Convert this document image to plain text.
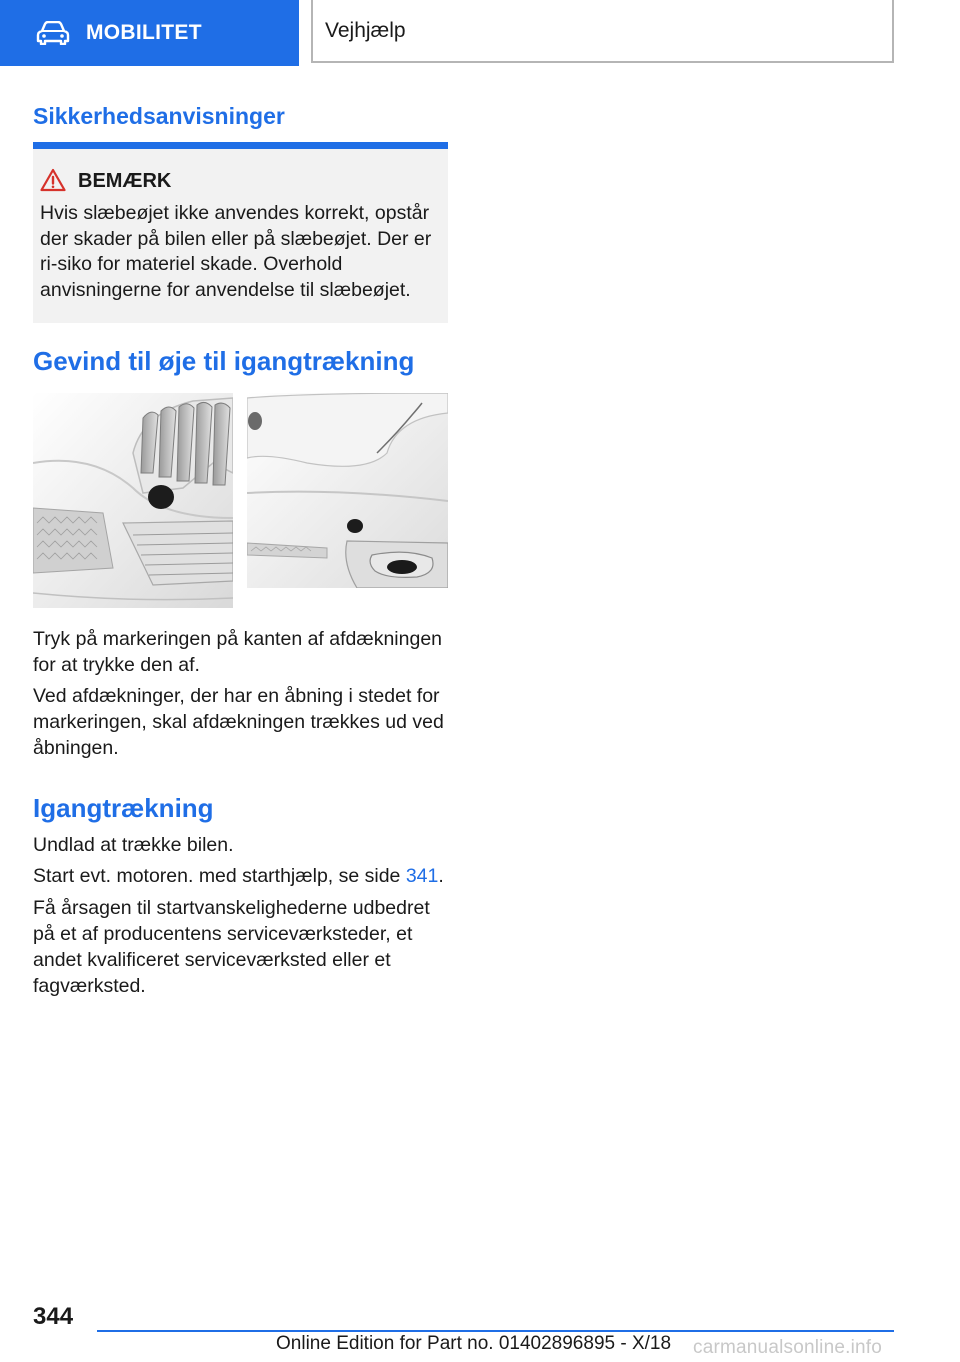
MOBILITET	Vejhjælp
Sikkerhedsanvisninger
BEMÆRK
Hvis slæbeøjet ikke anvendes korrekt, opstår der skader på bilen eller på slæbeøjet. Der er ri-siko for materiel skade. Overhold anvisningerne for anvendelse til slæbeøjet.
Gevind til øje til igangtrækning
Tryk på markeringen på kanten af afdækningen for at trykke den af.
Ved afdækninger, der har en åbning i stedet for markeringen, skal afdækningen trækkes ud ved åbningen.
Igangtrækning
Undlad at trække bilen.
Start evt. motoren. med starthjælp, se side 341.
Få årsagen til startvanskelighederne udbedret på et af producentens serviceværksteder, et andet kvalificeret serviceværksted eller et fagværksted.
344
Online Edition for Part no. 01402896895 - X/18 carmanualsonline.info
